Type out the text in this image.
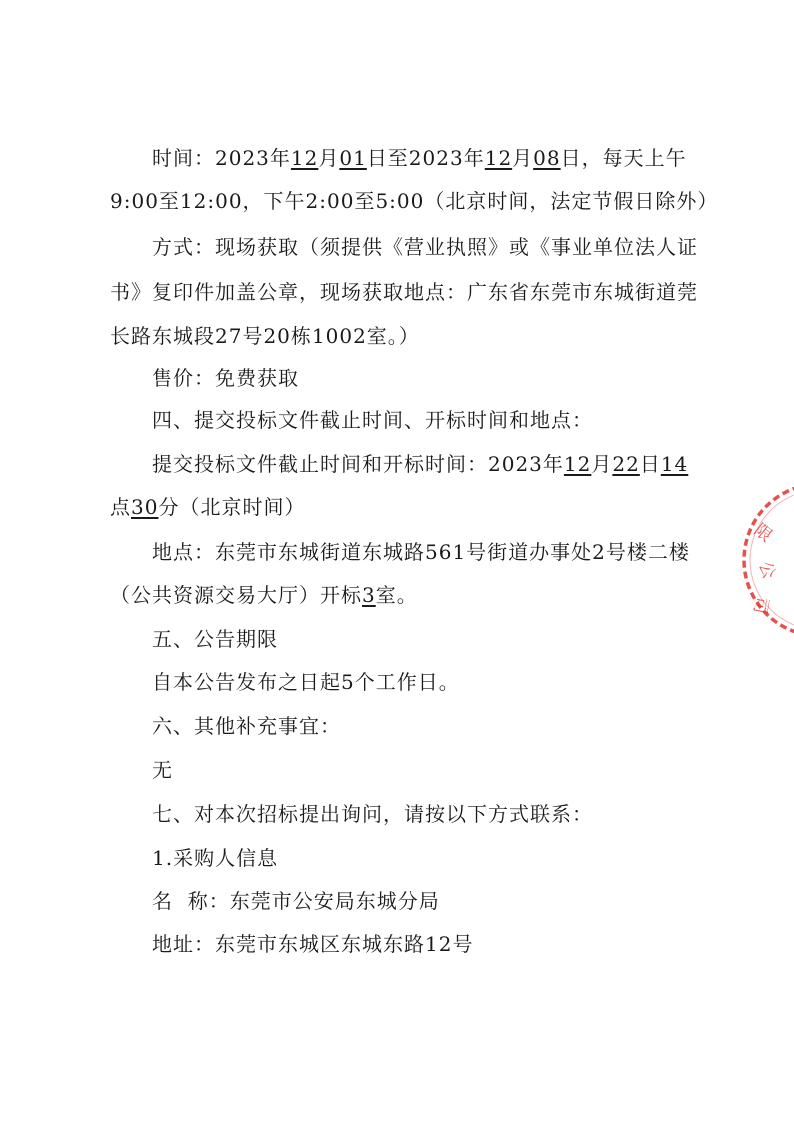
时间：2023年12月01日至2023年12月08日，每天上午
9:00至12:00，下午2:00至5:00（北京时间，法定节假日除外）
方式：现场获取（须提供《营业执照》或《事业单位法人证
书》复印件加盖公章，现场获取地点：广东省东莞市东城街道莞
长路东城段27号20栋1002室。）
售价：免费获取
四、提交投标文件截止时间、开标时间和地点：
提交投标文件截止时间和开标时间：2023年12月22日14
点30分（北京时间）
地点：东莞市东城街道东城路561号街道办事处2号楼二楼
（公共资源交易大厅）开标3室。
五、公告期限
自本公告发布之日起5个工作日。
六、其他补充事宜：
无
七、对本次招标提出询问，请按以下方式联系：
1.采购人信息
名  称：东莞市公安局东城分局
地址：东莞市东城区东城东路12号
限
公
司
